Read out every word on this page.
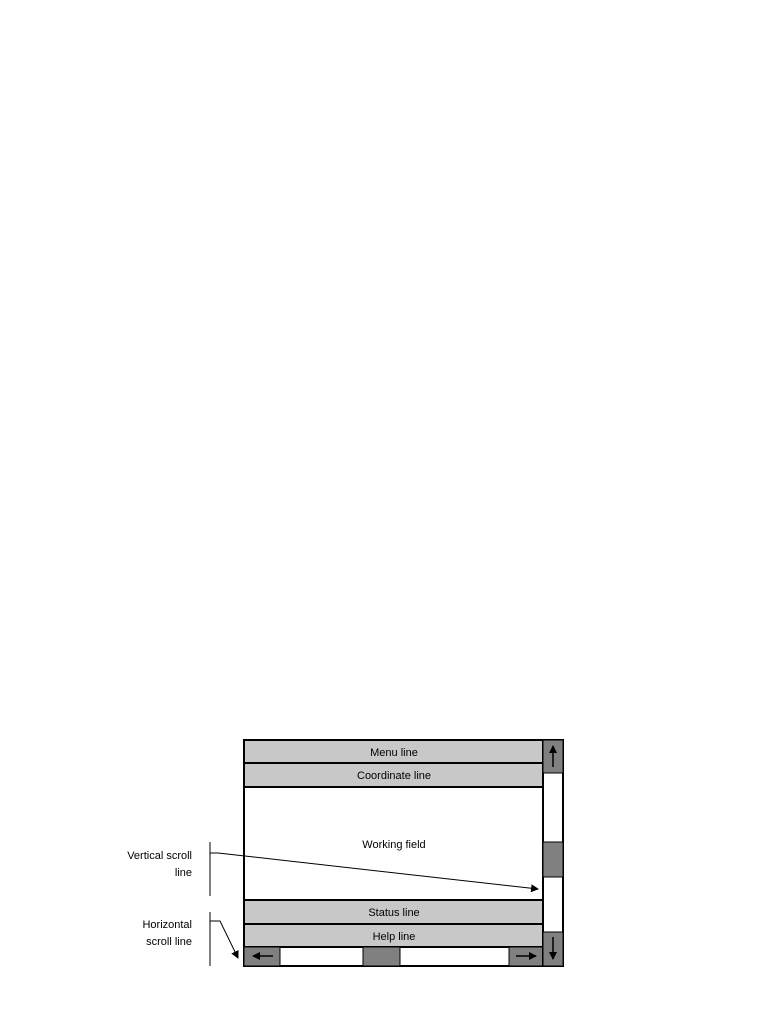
Menu line
Coordinate line
Working field
Status line
Help line
Vertical scroll
line
Horizontal
scroll line
